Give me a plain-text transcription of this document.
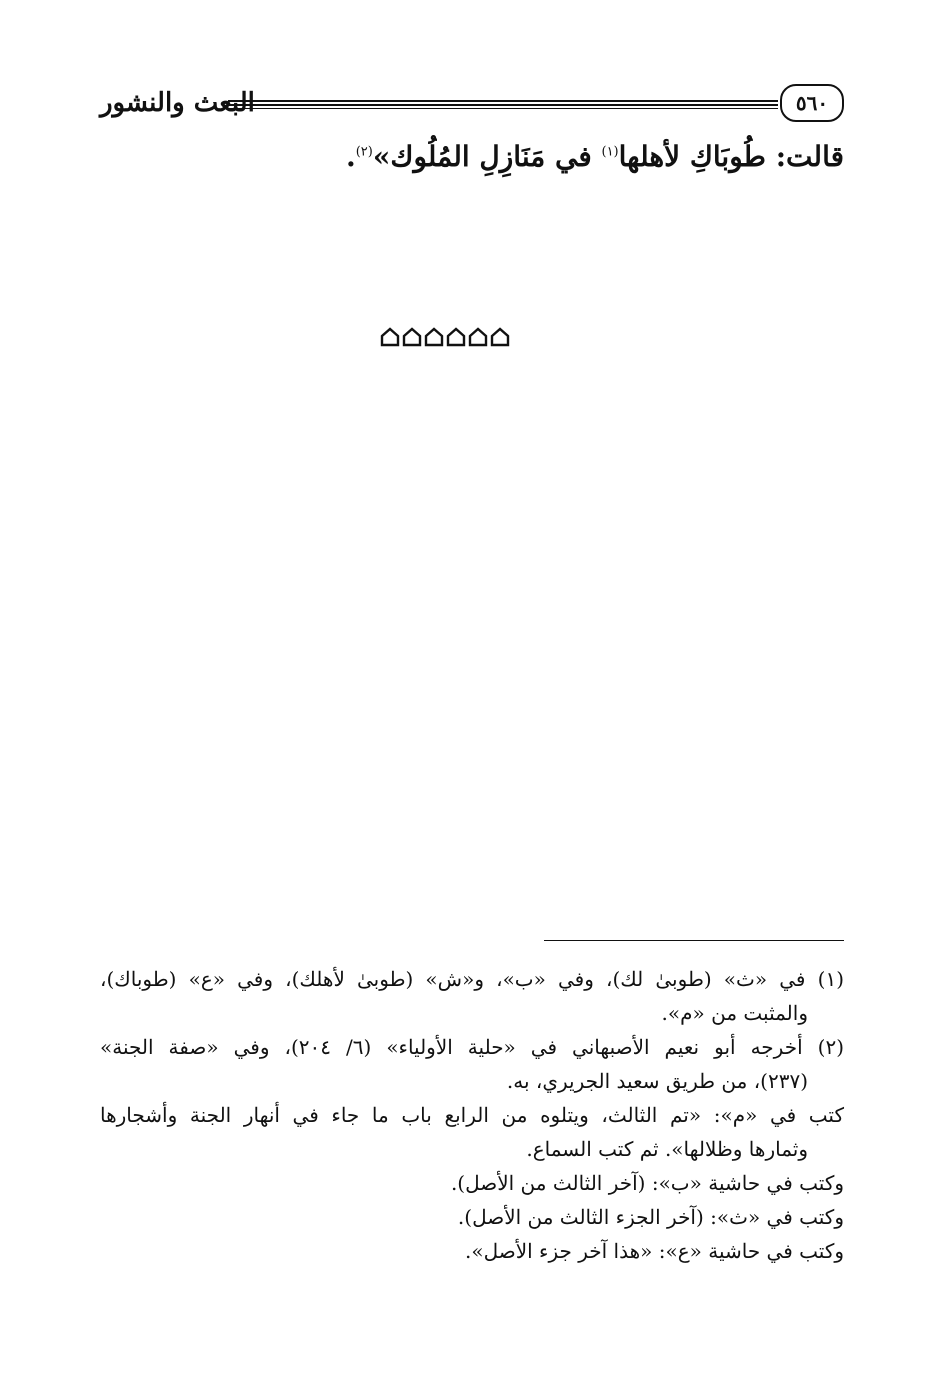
البعث والنشور	٥٦٠
قالت: طُوبَاكِ لأهلها$^{(١)}$ في مَنَازِلِ المُلُوك»$^{(٢)}$.

(١) في «ث» (طوبىٰ لك)، وفي «ب»، و«ش» (طوبىٰ لأهلك)، وفي «ع» (طوباك)،
والمثبت من «م».

(٢) أخرجه أبو نعيم الأصبهاني في «حلية الأولياء» (٦/ ٢٠٤)، وفي «صفة الجنة»
(٢٣٧)، من طريق سعيد الجريري، به.

كتب في «م»: «تم الثالث، ويتلوه من الرابع باب ما جاء في أنهار الجنة وأشجارها
وثمارها وظلالها». ثم كتب السماع.

وكتب في حاشية «ب»: (آخر الثالث من الأصل).

وكتب في «ث»: (آخر الجزء الثالث من الأصل).

وكتب في حاشية «ع»: «هذا آخر جزء الأصل».
